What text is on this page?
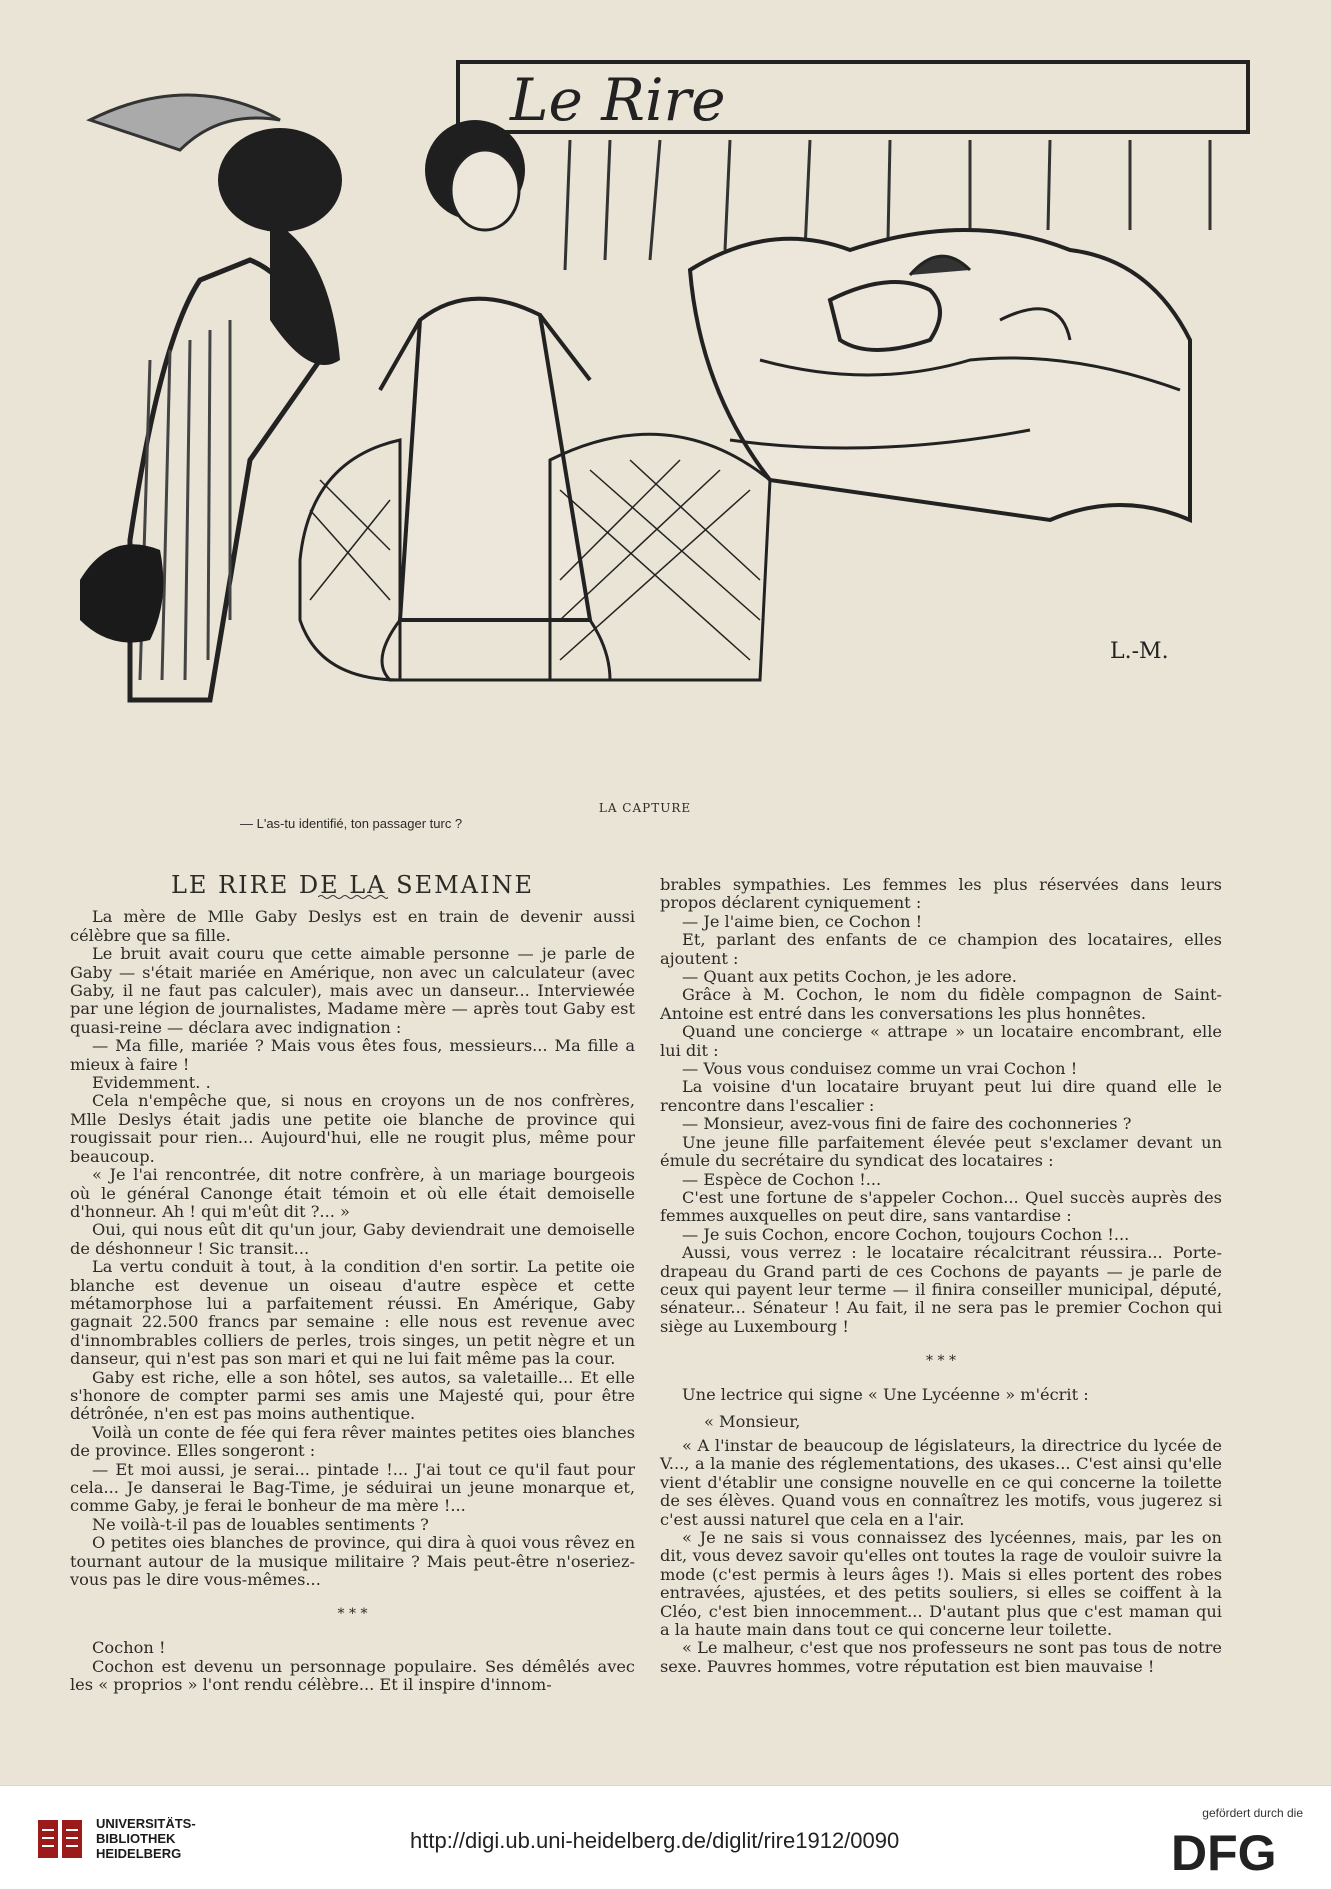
Le Rire
L.-M.
LA CAPTURE
— L'as-tu identifié, ton passager turc ?

LE RIRE DE LA SEMAINE

La mère de Mlle Gaby Deslys est en train de devenir aussi célèbre que sa fille.

Le bruit avait couru que cette aimable personne — je parle de Gaby — s'était mariée en Amérique, non avec un calculateur (avec Gaby, il ne faut pas calculer), mais avec un danseur... Interviewée par une légion de journalistes, Madame mère — après tout Gaby est quasi-reine — déclara avec indignation :

— Ma fille, mariée ? Mais vous êtes fous, messieurs... Ma fille a mieux à faire !

Evidemment. .

Cela n'empêche que, si nous en croyons un de nos confrères, Mlle Deslys était jadis une petite oie blanche de province qui rougissait pour rien... Aujourd'hui, elle ne rougit plus, même pour beaucoup.

« Je l'ai rencontrée, dit notre confrère, à un mariage bourgeois où le général Canonge était témoin et où elle était demoiselle d'honneur. Ah ! qui m'eût dit ?... »

Oui, qui nous eût dit qu'un jour, Gaby deviendrait une demoiselle de déshonneur ! Sic transit...

La vertu conduit à tout, à la condition d'en sortir. La petite oie blanche est devenue un oiseau d'autre espèce et cette métamorphose lui a parfaitement réussi. En Amérique, Gaby gagnait 22.500 francs par semaine : elle nous est revenue avec d'innombrables colliers de perles, trois singes, un petit nègre et un danseur, qui n'est pas son mari et qui ne lui fait même pas la cour.

Gaby est riche, elle a son hôtel, ses autos, sa valetaille... Et elle s'honore de compter parmi ses amis une Majesté qui, pour être détrônée, n'en est pas moins authentique.

Voilà un conte de fée qui fera rêver maintes petites oies blanches de province. Elles songeront :

— Et moi aussi, je serai... pintade !... J'ai tout ce qu'il faut pour cela... Je danserai le Bag-Time, je séduirai un jeune monarque et, comme Gaby, je ferai le bonheur de ma mère !...

Ne voilà-t-il pas de louables sentiments ?

O petites oies blanches de province, qui dira à quoi vous rêvez en tournant autour de la musique militaire ? Mais peut-être n'oseriez-vous pas le dire vous-mêmes...

* * *

Cochon !

Cochon est devenu un personnage populaire. Ses démêlés avec les « proprios » l'ont rendu célèbre... Et il inspire d'innom-

brables sympathies. Les femmes les plus réservées dans leurs propos déclarent cyniquement :

— Je l'aime bien, ce Cochon !

Et, parlant des enfants de ce champion des locataires, elles ajoutent :

— Quant aux petits Cochon, je les adore.

Grâce à M. Cochon, le nom du fidèle compagnon de Saint-Antoine est entré dans les conversations les plus honnêtes.

Quand une concierge « attrape » un locataire encombrant, elle lui dit :

— Vous vous conduisez comme un vrai Cochon !

La voisine d'un locataire bruyant peut lui dire quand elle le rencontre dans l'escalier :

— Monsieur, avez-vous fini de faire des cochonneries ?

Une jeune fille parfaitement élevée peut s'exclamer devant un émule du secrétaire du syndicat des locataires :

— Espèce de Cochon !...

C'est une fortune de s'appeler Cochon... Quel succès auprès des femmes auxquelles on peut dire, sans vantardise :

— Je suis Cochon, encore Cochon, toujours Cochon !...

Aussi, vous verrez : le locataire récalcitrant réussira... Porte-drapeau du Grand parti de ces Cochons de payants — je parle de ceux qui payent leur terme — il finira conseiller municipal, député, sénateur... Sénateur ! Au fait, il ne sera pas le premier Cochon qui siège au Luxembourg !

* * *

Une lectrice qui signe « Une Lycéenne » m'écrit :

« Monsieur,

« A l'instar de beaucoup de législateurs, la directrice du lycée de V..., a la manie des réglementations, des ukases... C'est ainsi qu'elle vient d'établir une consigne nouvelle en ce qui concerne la toilette de ses élèves. Quand vous en connaîtrez les motifs, vous jugerez si c'est aussi naturel que cela en a l'air.

« Je ne sais si vous connaissez des lycéennes, mais, par les on dit, vous devez savoir qu'elles ont toutes la rage de vouloir suivre la mode (c'est permis à leurs âges !). Mais si elles portent des robes entravées, ajustées, et des petits souliers, si elles se coiffent à la Cléo, c'est bien innocemment... D'autant plus que c'est maman qui a la haute main dans tout ce qui concerne leur toilette.

« Le malheur, c'est que nos professeurs ne sont pas tous de notre sexe. Pauvres hommes, votre réputation est bien mauvaise !

UNIVERSITÄTS-
BIBLIOTHEK
HEIDELBERG
http://digi.ub.uni-heidelberg.de/diglit/rire1912/0090
gefördert durch die
DFG
